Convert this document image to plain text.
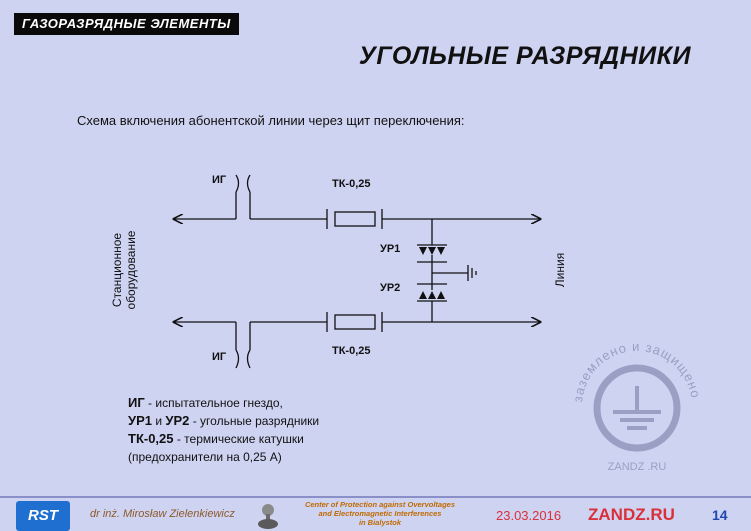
ГАЗОРАЗРЯДНЫЕ ЭЛЕМЕНТЫ
УГОЛЬНЫЕ РАЗРЯДНИКИ
Схема включения абонентской линии через щит переключения:
ИГ	ТК-0,25
УР1
УР2
ТК-0,25
ИГ
Станционное оборудование	Линия
ИГ - испытательное гнездо,
УР1 и УР2 - угольные разрядники
ТК-0,25 - термические катушки
(предохранители на 0,25 А)
заземлено и защищено
ZANDZ .RU
RST	dr inż. Mirosław Zielenkiewicz
Center of Protection against Overvoltages
and Electromagnetic Interferences
in Bialystok	23.03.2016 ZANDZ.RU	14
